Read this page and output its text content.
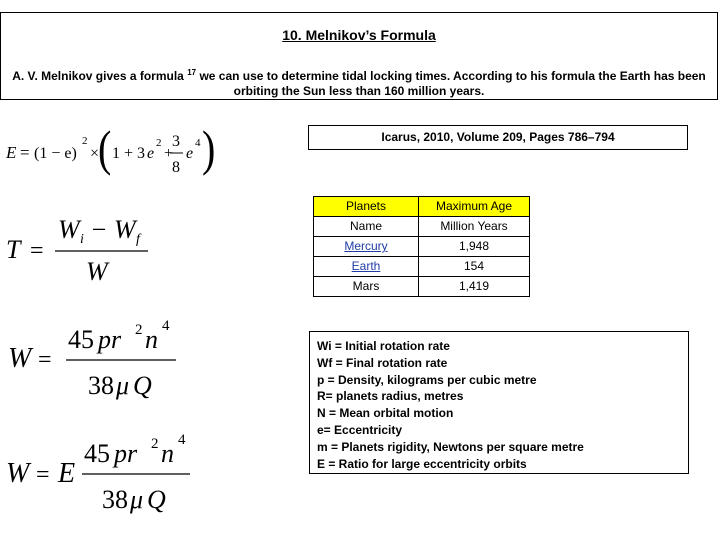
10. Melnikov’s Formula
A. V. Melnikov gives a formula $^{17}$ we can use to determine tidal locking times. According to his formula the Earth has been orbiting the Sun less than 160 million years.
Icarus, 2010, Volume 209, Pages 786–794
Planets	Maximum Age
Name	Million Years
Mercury	1,948
Earth	154
Mars	1,419
Wi = Initial rotation rate
Wf = Final rotation rate
p = Density, kilograms per cubic metre
R= planets radius, metres
N = Mean orbital motion
e= Eccentricity
m = Planets rigidity, Newtons per square metre
E = Ratio for large eccentricity orbits
E = (1 − e)
2
×
( 1 + 3 e
2
+
3
8
e
4 )
T =
W i − W f
W
W =
45 pr 2 n 4
38 μ Q
W = E
45 pr 2 n 4
38 μ Q
